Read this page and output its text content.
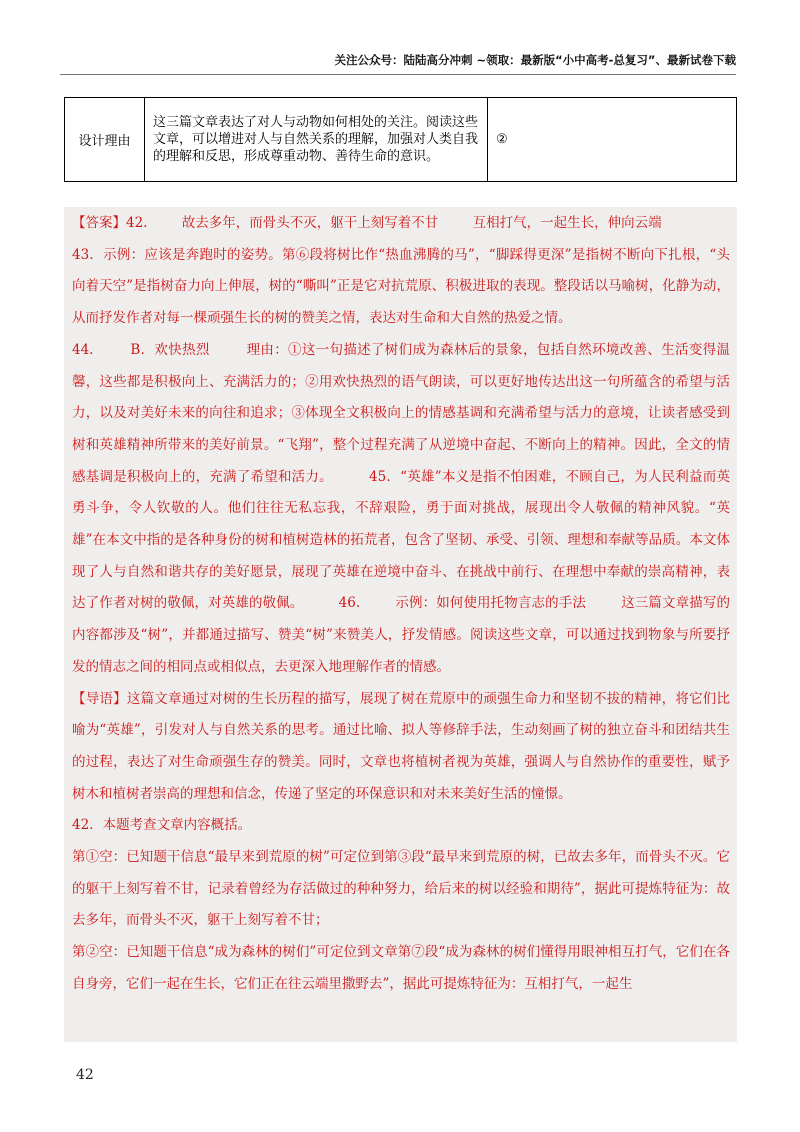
关注公众号：陆陆高分冲刺 ~领取：最新版“小中高考-总复习”、最新试卷下载
设计理由	这三篇文章表达了对人与动物如何相处的关注。阅读这些文章，可以增进对人与自然关系的理解，加强对人类自我的理解和反思，形成尊重动物、善待生命的意识。	②

【答案】42.        故去多年，而骨头不灭，躯干上刻写着不甘        互相打气，一起生长，伸向云端

43．示例：应该是奔跑时的姿势。第⑥段将树比作“热血沸腾的马”，“脚踩得更深”是指树不断向下扎根，“头向着天空”是指树奋力向上伸展，树的“嘶叫”正是它对抗荒原、积极进取的表现。整段话以马喻树，化静为动，从而抒发作者对每一棵顽强生长的树的赞美之情，表达对生命和大自然的热爱之情。

44.        B．欢快热烈        理由：①这一句描述了树们成为森林后的景象，包括自然环境改善、生活变得温馨，这些都是积极向上、充满活力的；②用欢快热烈的语气朗读，可以更好地传达出这一句所蕴含的希望与活力，以及对美好未来的向往和追求；③体现全文积极向上的情感基调和充满希望与活力的意境，让读者感受到树和英雄精神所带来的美好前景。“飞翔”，整个过程充满了从逆境中奋起、不断向上的精神。因此，全文的情感基调是积极向上的，充满了希望和活力。        45．“英雄”本义是指不怕困难，不顾自己，为人民利益而英勇斗争，令人钦敬的人。他们往往无私忘我，不辞艰险，勇于面对挑战，展现出令人敬佩的精神风貌。“英雄”在本文中指的是各种身份的树和植树造林的拓荒者，包含了坚韧、承受、引领、理想和奉献等品质。本文体现了人与自然和谐共存的美好愿景，展现了英雄在逆境中奋斗、在挑战中前行、在理想中奉献的崇高精神，表达了作者对树的敬佩，对英雄的敬佩。        46.        示例：如何使用托物言志的手法        这三篇文章描写的内容都涉及“树”，并都通过描写、赞美“树”来赞美人，抒发情感。阅读这些文章，可以通过找到物象与所要抒发的情志之间的相同点或相似点，去更深入地理解作者的情感。

【导语】这篇文章通过对树的生长历程的描写，展现了树在荒原中的顽强生命力和坚韧不拔的精神，将它们比喻为“英雄”，引发对人与自然关系的思考。通过比喻、拟人等修辞手法，生动刻画了树的独立奋斗和团结共生的过程，表达了对生命顽强生存的赞美。同时，文章也将植树者视为英雄，强调人与自然协作的重要性，赋予树木和植树者崇高的理想和信念，传递了坚定的环保意识和对未来美好生活的憧憬。

42．本题考查文章内容概括。

第①空：已知题干信息“最早来到荒原的树”可定位到第③段“最早来到荒原的树，已故去多年，而骨头不灭。它的躯干上刻写着不甘，记录着曾经为存活做过的种种努力，给后来的树以经验和期待”，据此可提炼特征为：故去多年，而骨头不灭，躯干上刻写着不甘；

第②空：已知题干信息“成为森林的树们”可定位到文章第⑦段“成为森林的树们懂得用眼神相互打气，它们在各自身旁，它们一起在生长，它们正在往云端里撒野去”，据此可提炼特征为：互相打气，一起生

42
